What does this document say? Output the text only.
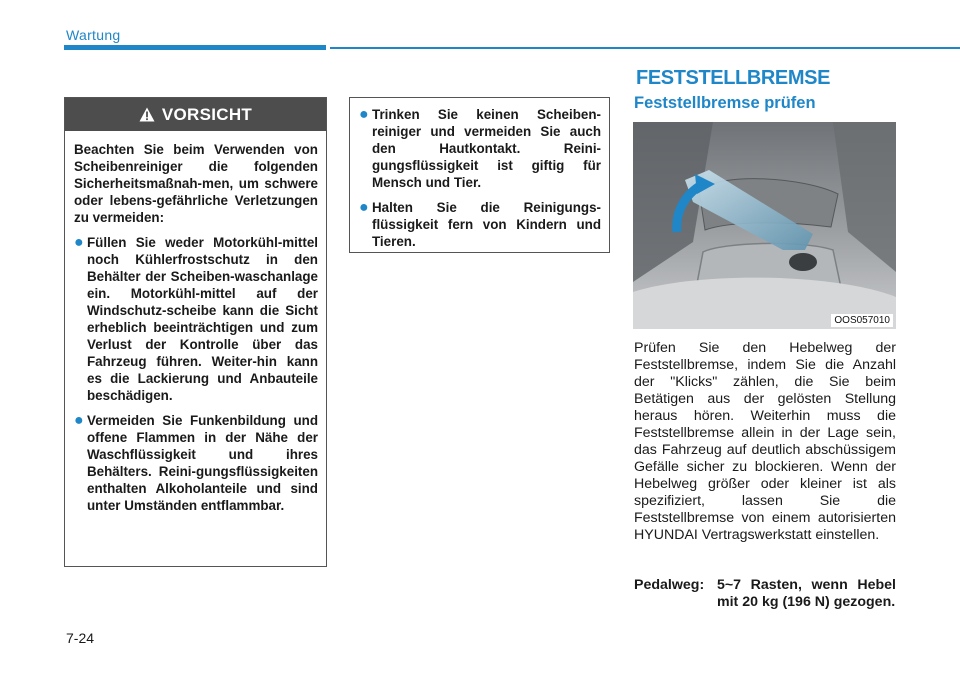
Wartung
VORSICHT
Beachten Sie beim Verwenden von Scheibenreiniger die folgenden Sicherheitsmaßnah-men, um schwere oder lebens-gefährliche Verletzungen zu vermeiden:
● Füllen Sie weder Motorkühl-mittel noch Kühlerfrostschutz in den Behälter der Scheiben-waschanlage ein. Motorkühl-mittel auf der Windschutz-scheibe kann die Sicht erheblich beeinträchtigen und zum Verlust der Kontrolle über das Fahrzeug führen. Weiter-hin kann es die Lackierung und Anbauteile beschädigen.
● Vermeiden Sie Funkenbildung und offene Flammen in der Nähe der Waschflüssigkeit und ihres Behälters. Reini-gungsflüssigkeiten enthalten Alkoholanteile und sind unter Umständen entflammbar.
● Trinken Sie keinen Scheiben-reiniger und vermeiden Sie auch den Hautkontakt. Reini-gungsflüssigkeit ist giftig für Mensch und Tier.
● Halten Sie die Reinigungs-flüssigkeit fern von Kindern und Tieren.
FESTSTELLBREMSE
Feststellbremse prüfen
OOS057010
Prüfen Sie den Hebelweg der Feststellbremse, indem Sie die Anzahl der "Klicks" zählen, die Sie beim Betätigen aus der gelösten Stellung heraus hören. Weiterhin muss die Feststellbremse allein in der Lage sein, das Fahrzeug auf deutlich abschüssigem Gefälle sicher zu blockieren. Wenn der Hebelweg größer oder kleiner ist als spezifiziert, lassen Sie die Feststellbremse von einem autorisierten HYUNDAI Vertragswerkstatt einstellen.
Pedalweg: 5~7 Rasten, wenn Hebel mit 20 kg (196 N) gezogen.
7-24
